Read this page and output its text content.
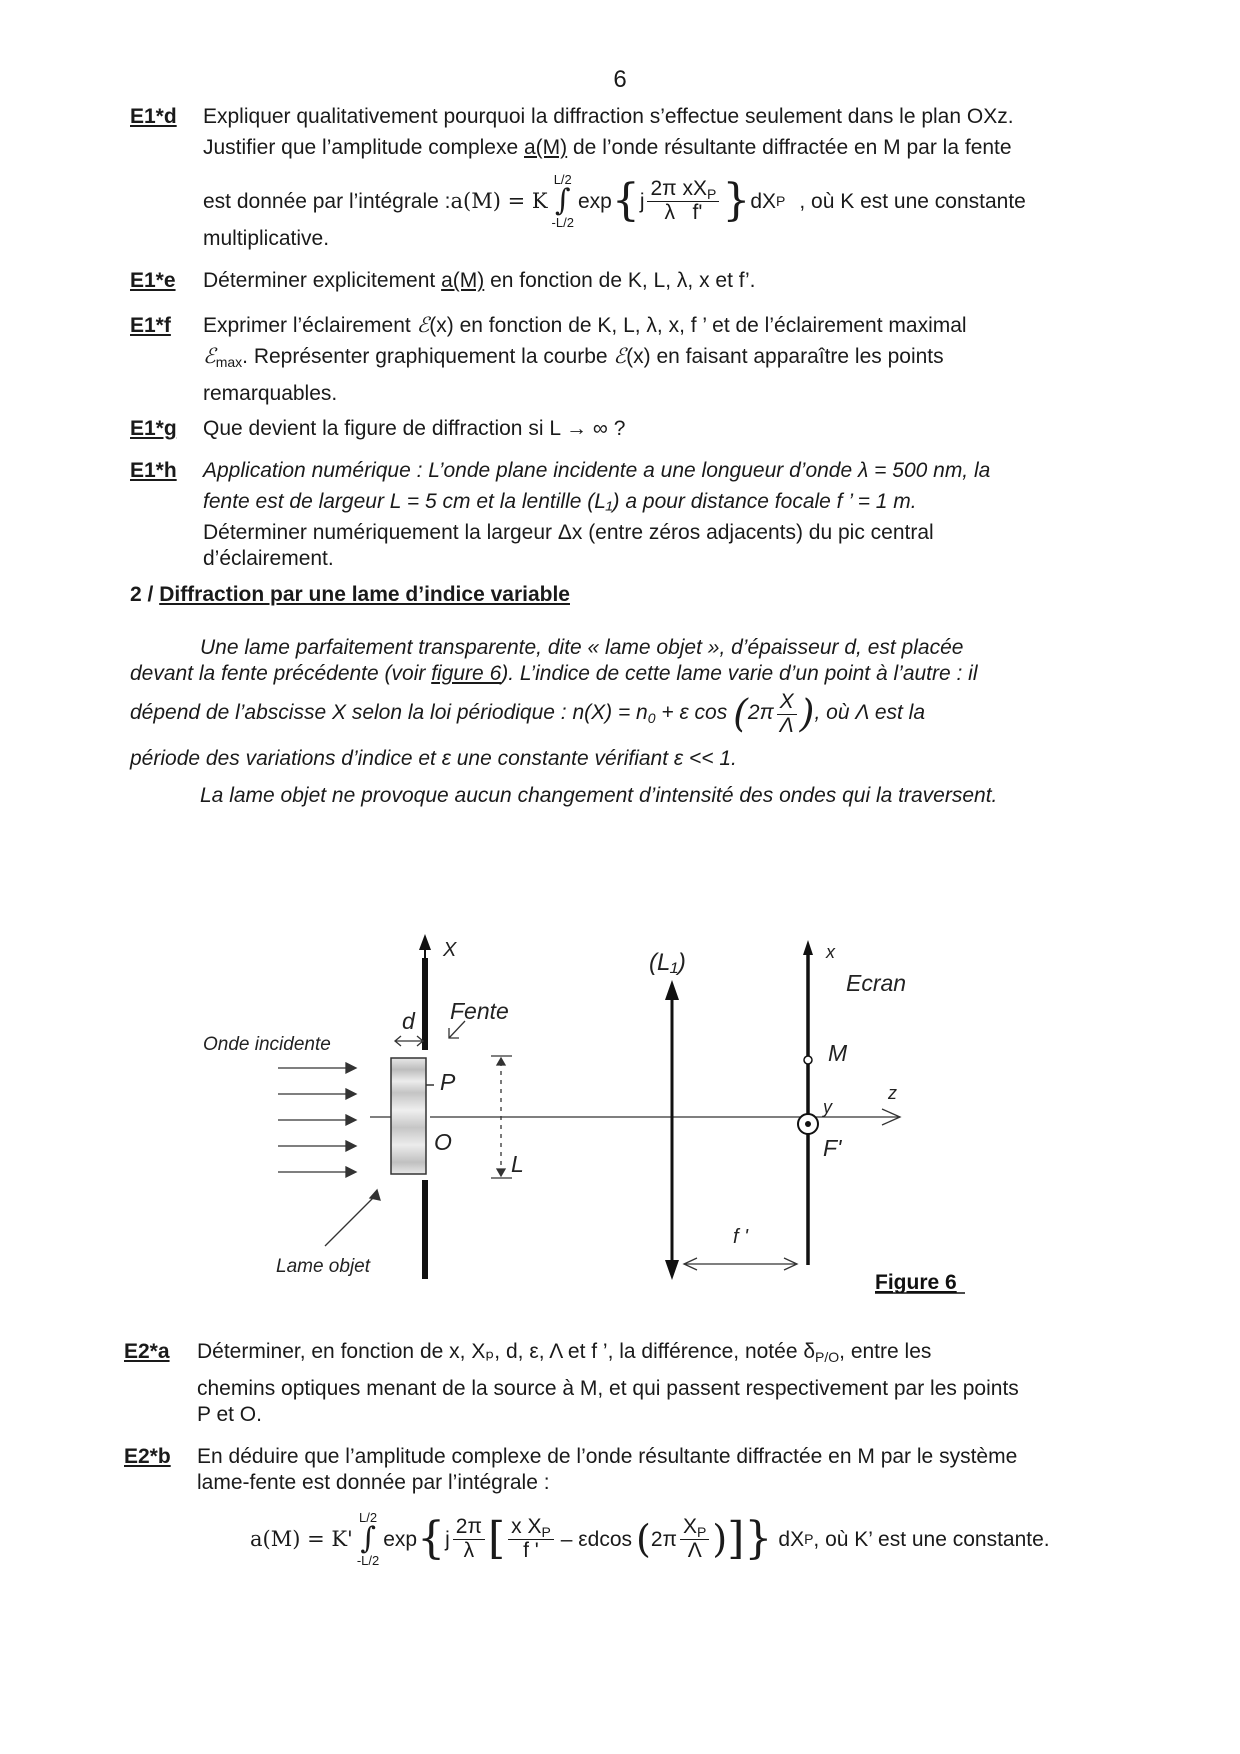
6
E1*d Expliquer qualitativement pourquoi la diffraction s’effectue seulement dans le plan OXz.
Justifier que l’amplitude complexe a(M) de l’onde résultante diffractée en M par la fente
est donnée par l’intégrale : a(M) = K
L/2
∫
-L/2
exp { j $\frac{2\pi xX_P}{\text{λ f'}}$ } dX P , où K est une constante
multiplicative.
E1*e Déterminer explicitement a(M) en fonction de K, L, λ, x et f’.
E1*f Exprimer l’éclairement ℰ(x) en fonction de K, L, λ, x, f ’ et de l’éclairement maximal
ℰ$_{max}$. Représenter graphiquement la courbe ℰ(x) en faisant apparaître les points
remarquables.
E1*g Que devient la figure de diffraction si L → ∞ ?
E1*h Application numérique : L’onde plane incidente a une longueur d’onde λ = 500 nm, la
fente est de largeur L = 5 cm et la lentille (L₁) a pour distance focale f ’ = 1 m.
Déterminer numériquement la largeur Δx (entre zéros adjacents) du pic central
d’éclairement.
2 / Diffraction par une lame d’indice variable
Une lame parfaitement transparente, dite « lame objet », d’épaisseur d, est placée
devant la fente précédente (voir figure 6). L’indice de cette lame varie d’un point à l’autre : il
dépend de l’abscisse X selon la loi périodique : $n(X) = n_0 + \varepsilon$ $\cos (2\pi \frac{X}{\Lambda}$ ), où Λ est la
période des variations d’indice et ε une constante vérifiant ε << 1.
La lame objet ne provoque aucun changement d’intensité des ondes qui la traversent.
X	(L₁)	x
Ecran
d Fente
Onde incidente
P
O
L
M
y
z
F'
f '
Lame objet
Figure 6
E2*a Déterminer, en fonction de x, Xₚ, d, ε, Λ et f ’, la différence, notée $\delta_{P/O}$, entre les
chemins optiques menant de la source à M, et qui passent respectivement par les points
P et O.
E2*b En déduire que l’amplitude complexe de l’onde résultante diffractée en M par le système
lame-fente est donnée par l’intégrale :
a(M) = K'
L/2
∫
-L/2
exp { j $\frac{2\pi}{\lambda}$ [ $\frac{x X_P}{f '}$ – εdcos ( $2\pi \frac{X_P}{\Lambda}$ ) ]} dX P , où K’ est une constante.
